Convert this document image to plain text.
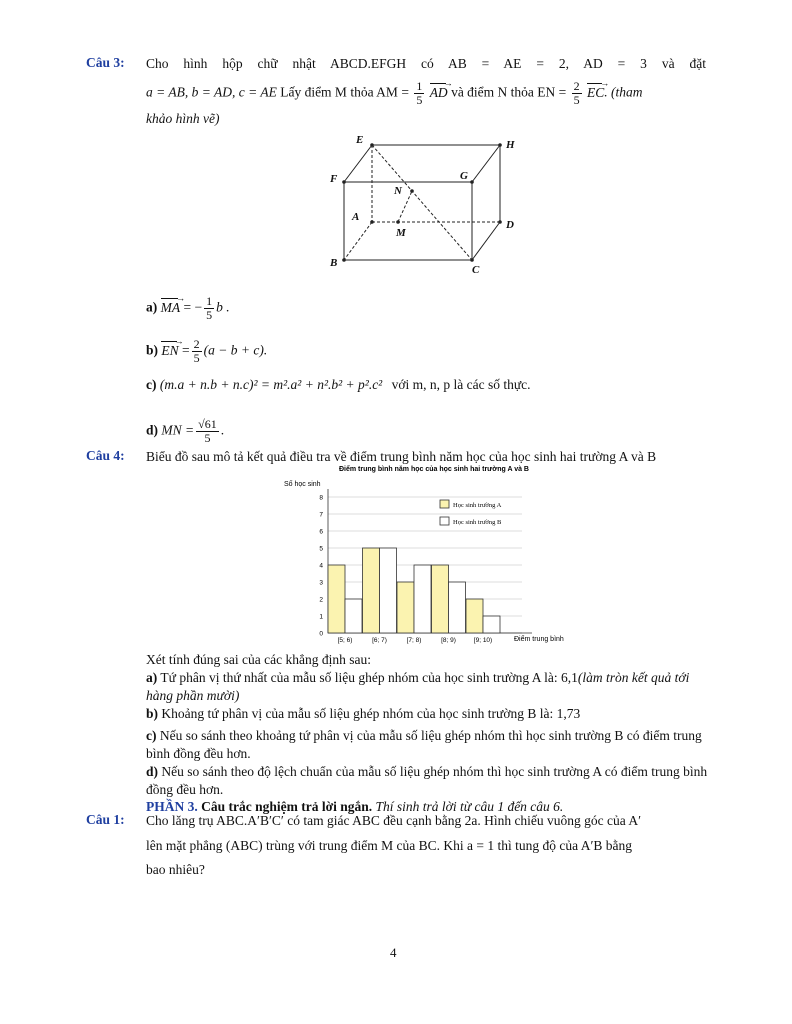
Câu 3: Cho hình hộp chữ nhật ABCD.EFGH có AB = AE = 2, AD = 3 và đặt
a = AB, b = AD, c = AE Lấy điểm M thỏa AM = $\frac{1}{5}$ AD → và điểm N thỏa EN = $\frac{2}{5}$ EC →. (tham
khảo hình vẽ)
E	H
F	G
N
A
M
D
B
C
a) MA → = − $\frac{1}{5}$ b .
b) EN → = $\frac{2}{5} (a - b + c)$.
c) (m.a + n.b + n.c)² = m².a² + n².b² + p².c² với m, n, p là các số thực.
d) MN = $\frac{√61}{5}$ .
Câu 4: Biểu đồ sau mô tả kết quả điều tra về điểm trung bình năm học của học sinh hai trường A và B
Điểm trung bình năm học của học sinh hai trường A và B
Số học sinh
Điểm trung bình
0
1
2
3
4
5
6
7
8
[5; 6)	[6; 7)	[7; 8)	[8; 9)	[9; 10)
Học sinh trường A
Học sinh trường B
Xét tính đúng sai của các khẳng định sau:
a) Tứ phân vị thứ nhất của mẫu số liệu ghép nhóm của học sinh trường A là: 6,1(làm tròn kết quả tới hàng phần mười)
b) Khoảng tứ phân vị của mẫu số liệu ghép nhóm của học sinh trường B là: 1,73
c) Nếu so sánh theo khoảng tứ phân vị của mẫu số liệu ghép nhóm thì học sinh trường B có điểm trung bình đồng đều hơn.
d) Nếu so sánh theo độ lệch chuẩn của mẫu số liệu ghép nhóm thì học sinh trường A có điểm trung bình đồng đều hơn.
PHẦN 3. Câu trắc nghiệm trả lời ngắn. Thí sinh trả lời từ câu 1 đến câu 6.
Câu 1: Cho lăng trụ ABC.A′B′C′ có tam giác ABC đều cạnh bằng 2a. Hình chiếu vuông góc của A′
lên mặt phẳng (ABC) trùng với trung điểm M của BC. Khi a = 1 thì tung độ của A′B bằng
bao nhiêu?
4
